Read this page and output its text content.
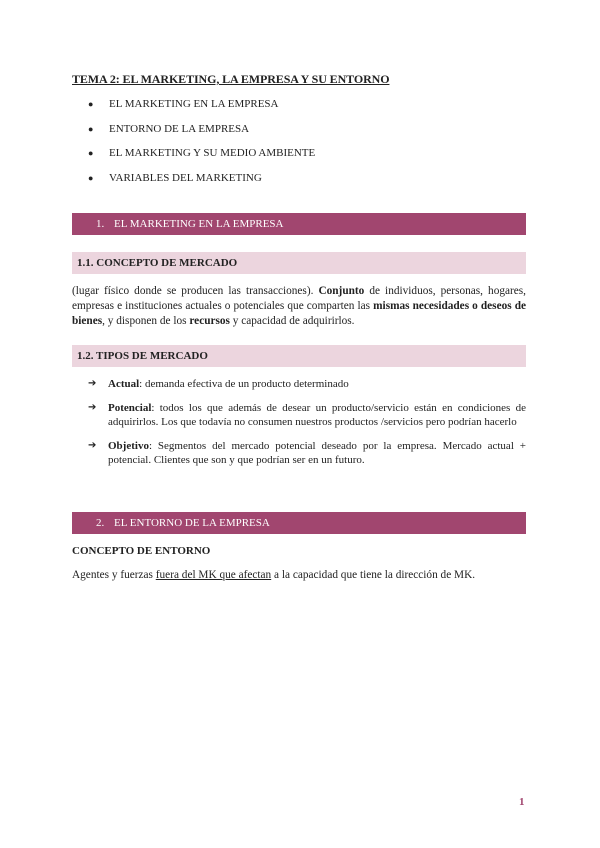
TEMA 2: EL MARKETING, LA EMPRESA Y SU ENTORNO
● EL MARKETING EN LA EMPRESA
● ENTORNO DE LA EMPRESA
● EL MARKETING Y SU MEDIO AMBIENTE
● VARIABLES DEL MARKETING
1. EL MARKETING EN LA EMPRESA
1.1. CONCEPTO DE MERCADO

(lugar físico donde se producen las transacciones). Conjunto de individuos, personas, hogares, empresas e instituciones actuales o potenciales que comparten las mismas necesidades o deseos de bienes, y disponen de los recursos y capacidad de adquirirlos.

1.2. TIPOS DE MERCADO
➔ Actual: demanda efectiva de un producto determinado
➔ Potencial: todos los que además de desear un producto/servicio están en condiciones de adquirirlos. Los que todavía no consumen nuestros productos /servicios pero podrían hacerlo
➔ Objetivo: Segmentos del mercado potencial deseado por la empresa. Mercado actual + potencial. Clientes que son y que podrían ser en un futuro.
2. EL ENTORNO DE LA EMPRESA
CONCEPTO DE ENTORNO

Agentes y fuerzas fuera del MK que afectan a la capacidad que tiene la dirección de MK.

1
